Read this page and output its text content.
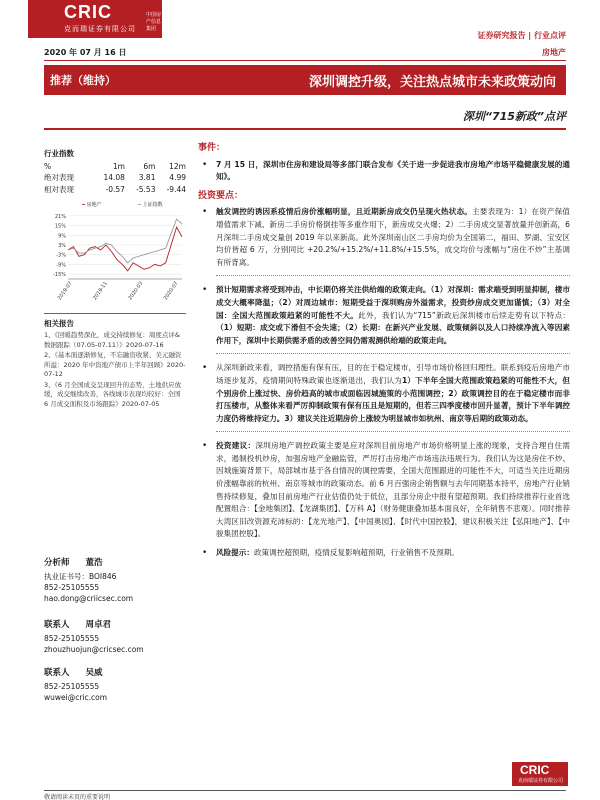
CRIC	中国房产信息集团
克而瑞证券有限公司
证券研究报告 | 行业点评
2020 年 07 月 16 日	房地产
推荐（维持）	深圳调控升级，关注热点城市未来政策动向
深圳“715新政”点评
行业指数
%	1m	6m	12m
绝对表现	14.08	3.81	4.99
相对表现	-0.57	-5.53	-9.44
━ 房地产	━ 上证指数
21%
15%
9%
3%
-3%
-9%
-15%
2019-07	2019-11	2020-03	2020-07
相关报告
1、《回暖趋势深化，成交持续修复：周度点评&数据跟踪（07.05-07.11）》2020-07-16
2、《基本面逐渐修复，不忘融资收紧、美元融资所溢：2020 年中资地产债市上半年回顾》2020-07-12
3、《6 月全国成交呈现回升的态势，土地供应放缓，成交继续改善，各线城市表现均较好：全国 6 月成交面积及市场跟踪》2020-07-05
分析师 董浩
执业证书号：BOI846
852-25105555
hao.dong@criicsec.com
联系人 周卓君
852-25105555
zhouzhuojun@cricsec.com
联系人 吴威
852-25105555
wuwei@cric.com
事件：
• 7 月 15 日，深圳市住房和建设局等多部门联合发布《关于进一步促进我市房地产市场平稳健康发展的通知》。
投资要点：
• 触发调控的诱因系疫情后房价涨幅明显，且近期新房成交仍呈现火热状态。主要表现为：1）在资产保值增值需求下减、新房二手房价格倒挂等多重作用下，新房成交火爆；2）二手房成交显著放量并创新高，6 月深圳二手房成交量创 2019 年以来新高。此外深圳南山区二手房均价为全国第二，福田、罗湖、宝安区均价皆超 6 万，分别同比 +20.2%/+15.2%/+11.8%/+15.5%，成交均价与涨幅与“房住不炒”主基调有所背离。
• 预计短期需求将受到冲击，中长期仍将关注供给端的政策走向。（1）对深圳：需求端受到明显抑制，楼市成交大概率降温；（2）对周边城市：短期受益于深圳购房外溢需求，投资炒房成交更加谨慎；（3）对全国：全国大范围政策趋紧的可能性不大。此外，我们认为“715”新政后深圳楼市后续走势有以下特点：（1）短期：成交或下滑但不会失速；（2）长期：在新兴产业发展、政策倾斜以及人口持续净流入等因素作用下，深圳中长期供需矛盾的改善空间仍需观测供给端的政策走向。
• 从深圳新政来看，调控措施有保有压，目的在于稳定楼市，引导市场价格回归理性。联系到疫后房地产市场逐步复苏，疫情期间特殊政策也逐渐退出，我们认为1）下半年全国大范围政策趋紧的可能性不大，但个别房价上涨过快、房价趋高的城市或面临因城施策的小范围调控；2）政策调控目的在于稳定楼市而非打压楼市，从整体来看严厉抑制政策有保有压且是短期的，但若三四季度楼市回升显著，预计下半年调控力度仍将维持定力。3）建议关注近期房价上涨较为明显城市如杭州、南京等后期的政策动态。
• 投资建议：深圳房地产调控政策主要是应对深圳目前房地产市场价格明显上涨的现象，支持合理自住需求，遏制投机炒房，加强房地产金融监管，严厉打击房地产市场违法违规行为。我们认为这是房住不炒、因城施策背景下，局部城市基于各自情况的调控需要，全国大范围跟进的可能性不大，可适当关注近期房价涨幅靠前的杭州、南京等城市的政策动态。前 6 月百强房企销售额与去年同期基本持平，房地产行业销售持续修复，叠加目前房地产行业估值仍处于低位，且部分房企中报有望超预期。我们持续推荐行业首选配置组合：【金地集团】、【龙湖集团】、【万科 A】（财务健康叠加基本面良好，全年销售不悲观）。同时推荐大湾区旧改资源充沛标的：【龙光地产】、【中国奥园】、【时代中国控股】，建议积极关注【弘阳地产】、【中骏集团控股】。
• 风险提示：政策调控超预期，疫情反复影响超预期，行业销售不及预期。
CRIC
克而瑞证券有限公司
敬请阅读末页的重要说明
